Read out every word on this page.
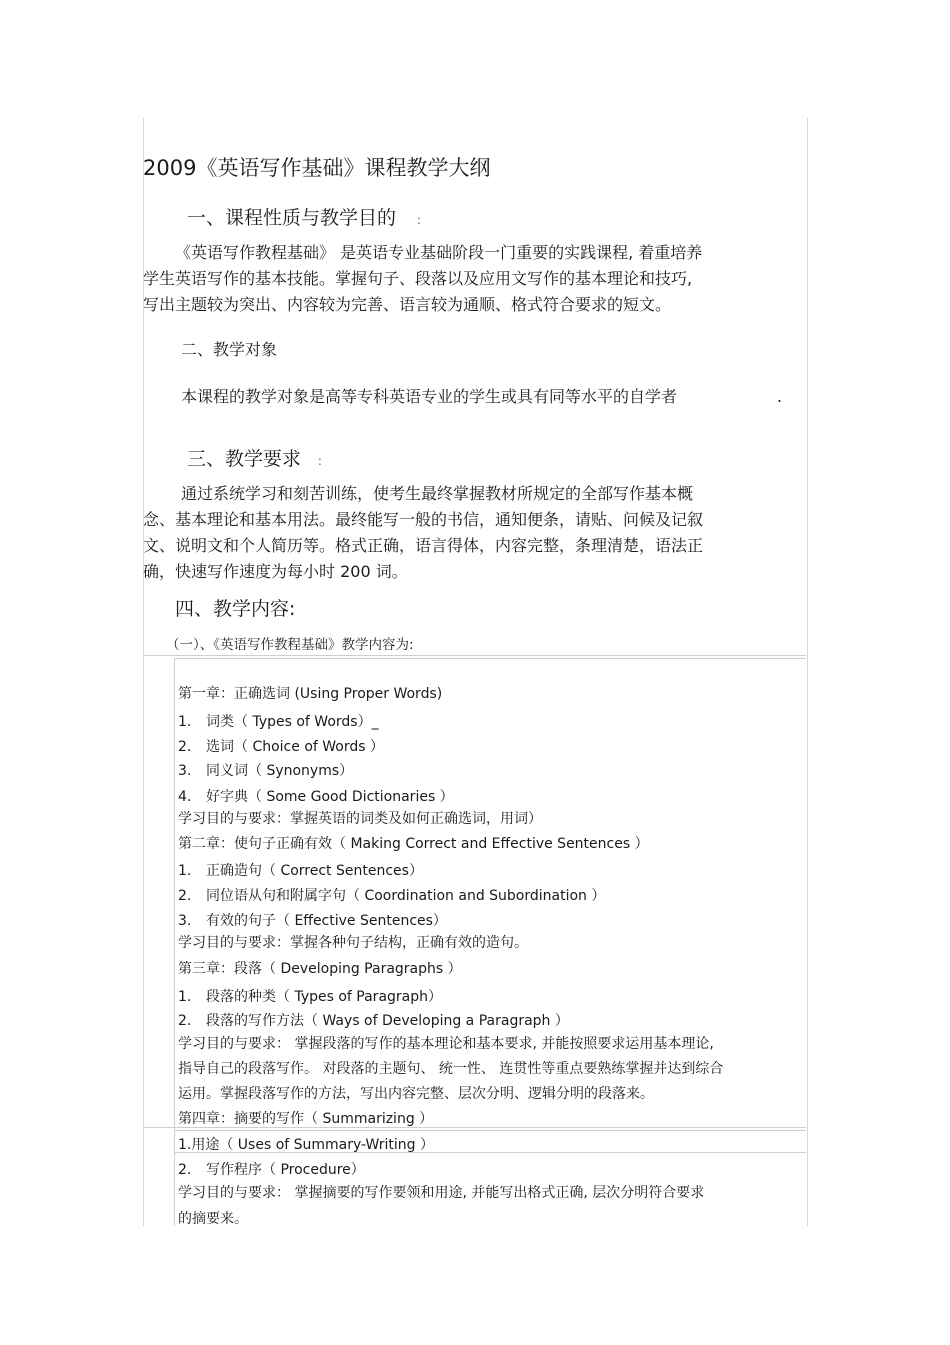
2009《英语写作基础》课程教学大纲
一、课程性质与教学目的 ：
《英语写作教程基础》 是英语专业基础阶段一门重要的实践课程, 着重培养
学生英语写作的基本技能。掌握句子、段落以及应用文写作的基本理论和技巧,
写出主题较为突出、内容较为完善、语言较为通顺、格式符合要求的短文。
二、教学对象
本课程的教学对象是高等专科英语专业的学生或具有同等水平的自学者	.
三、教学要求 ：
通过系统学习和刻苦训练，使考生最终掌握教材所规定的全部写作基本概
念、基本理论和基本用法。最终能写一般的书信，通知便条，请贴、问候及记叙
文、说明文和个人简历等。格式正确，语言得体，内容完整，条理清楚，语法正
确，快速写作速度为每小时 200 词。
四、教学内容:
（一）、《英语写作教程基础》教学内容为:
第一章：正确选词 (Using Proper Words)
1. 词类（ Types of Words）_
2. 选词（ Choice of Words ）
3. 同义词（ Synonyms）
4. 好字典（ Some Good Dictionaries ）
学习目的与要求：掌握英语的词类及如何正确选词，用词）
第二章：使句子正确有效（ Making Correct and Effective Sentences ）
1. 正确造句（ Correct Sentences）
2. 同位语从句和附属字句（ Coordination and Subordination ）
3. 有效的句子（ Effective Sentences）
学习目的与要求：掌握各种句子结构，正确有效的造句。
第三章：段落（ Developing Paragraphs ）
1. 段落的种类（ Types of Paragraph）
2. 段落的写作方法（ Ways of Developing a Paragraph ）
学习目的与要求： 掌握段落的写作的基本理论和基本要求, 并能按照要求运用基本理论,
指导自己的段落写作。 对段落的主题句、 统一性、 连贯性等重点要熟练掌握并达到综合
运用。掌握段落写作的方法，写出内容完整、层次分明、逻辑分明的段落来。
第四章：摘要的写作（ Summarizing ）
1.用途（ Uses of Summary-Writing ）
2. 写作程序（ Procedure）
学习目的与要求： 掌握摘要的写作要领和用途, 并能写出格式正确, 层次分明符合要求
的摘要来。
